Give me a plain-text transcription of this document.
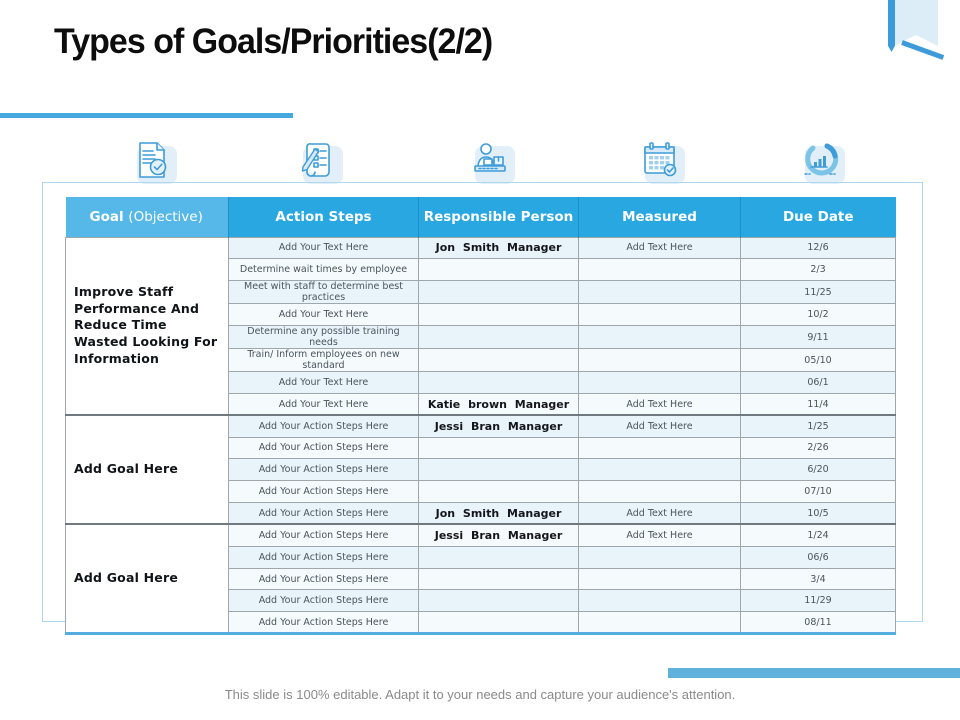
Types of Goals/Priorities(2/2)
Goal (Objective)	Action Steps	Responsible Person	Measured	Due Date
Improve Staff Performance And Reduce Time Wasted Looking For Information	Add Your Text Here	Jon Smith Manager	Add Text Here	12/6
	Determine wait times by employee			2/3
	Meet with staff to determine best practices			11/25
	Add Your Text Here			10/2
	Determine any possible training needs			9/11
	Train/ Inform employees on new standard			05/10
	Add Your Text Here			06/1
	Add Your Text Here	Katie brown Manager	Add Text Here	11/4
Add Goal Here	Add Your Action Steps Here	Jessi Bran Manager	Add Text Here	1/25
	Add Your Action Steps Here			2/26
	Add Your Action Steps Here			6/20
	Add Your Action Steps Here			07/10
	Add Your Action Steps Here	Jon Smith Manager	Add Text Here	10/5
Add Goal Here	Add Your Action Steps Here	Jessi Bran Manager	Add Text Here	1/24
	Add Your Action Steps Here			06/6
	Add Your Action Steps Here			3/4
	Add Your Action Steps Here			11/29
	Add Your Action Steps Here			08/11
This slide is 100% editable. Adapt it to your needs and capture your audience's attention.
